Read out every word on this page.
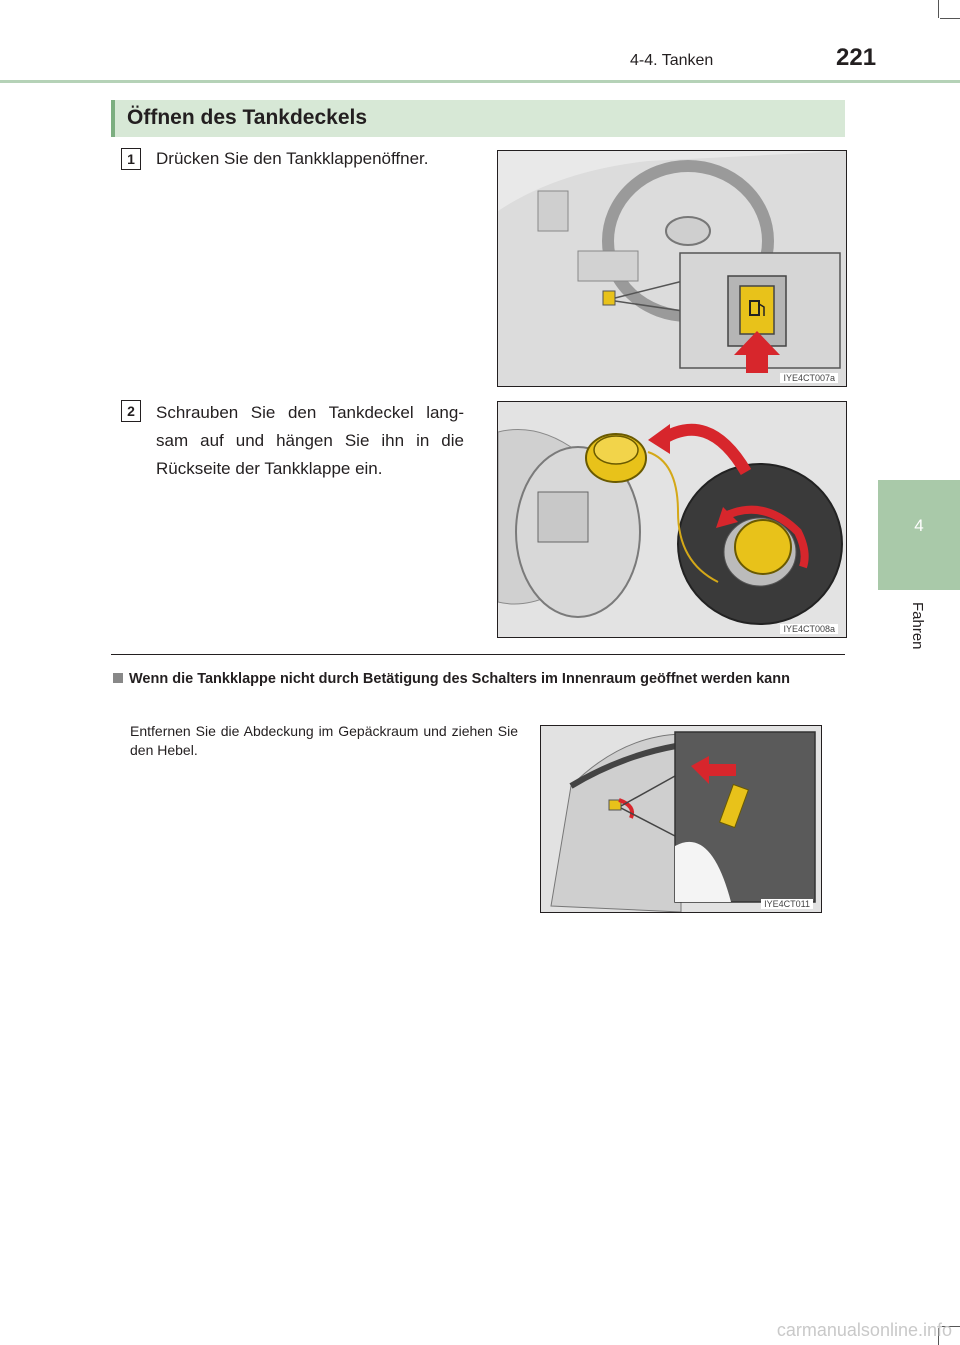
4-4. Tanken	221
4
Fahren
Öffnen des Tankdeckels
1	Drücken Sie den Tankklappenöffner.
IYE4CT007a
2	Schrauben Sie den Tankdeckel lang-sam auf und hängen Sie ihn in die Rückseite der Tankklappe ein.
IYE4CT008a
Wenn die Tankklappe nicht durch Betätigung des Schalters im Innenraum geöffnet werden kann
Entfernen Sie die Abdeckung im Gepäckraum und ziehen Sie den Hebel.
IYE4CT011
carmanualsonline.info
